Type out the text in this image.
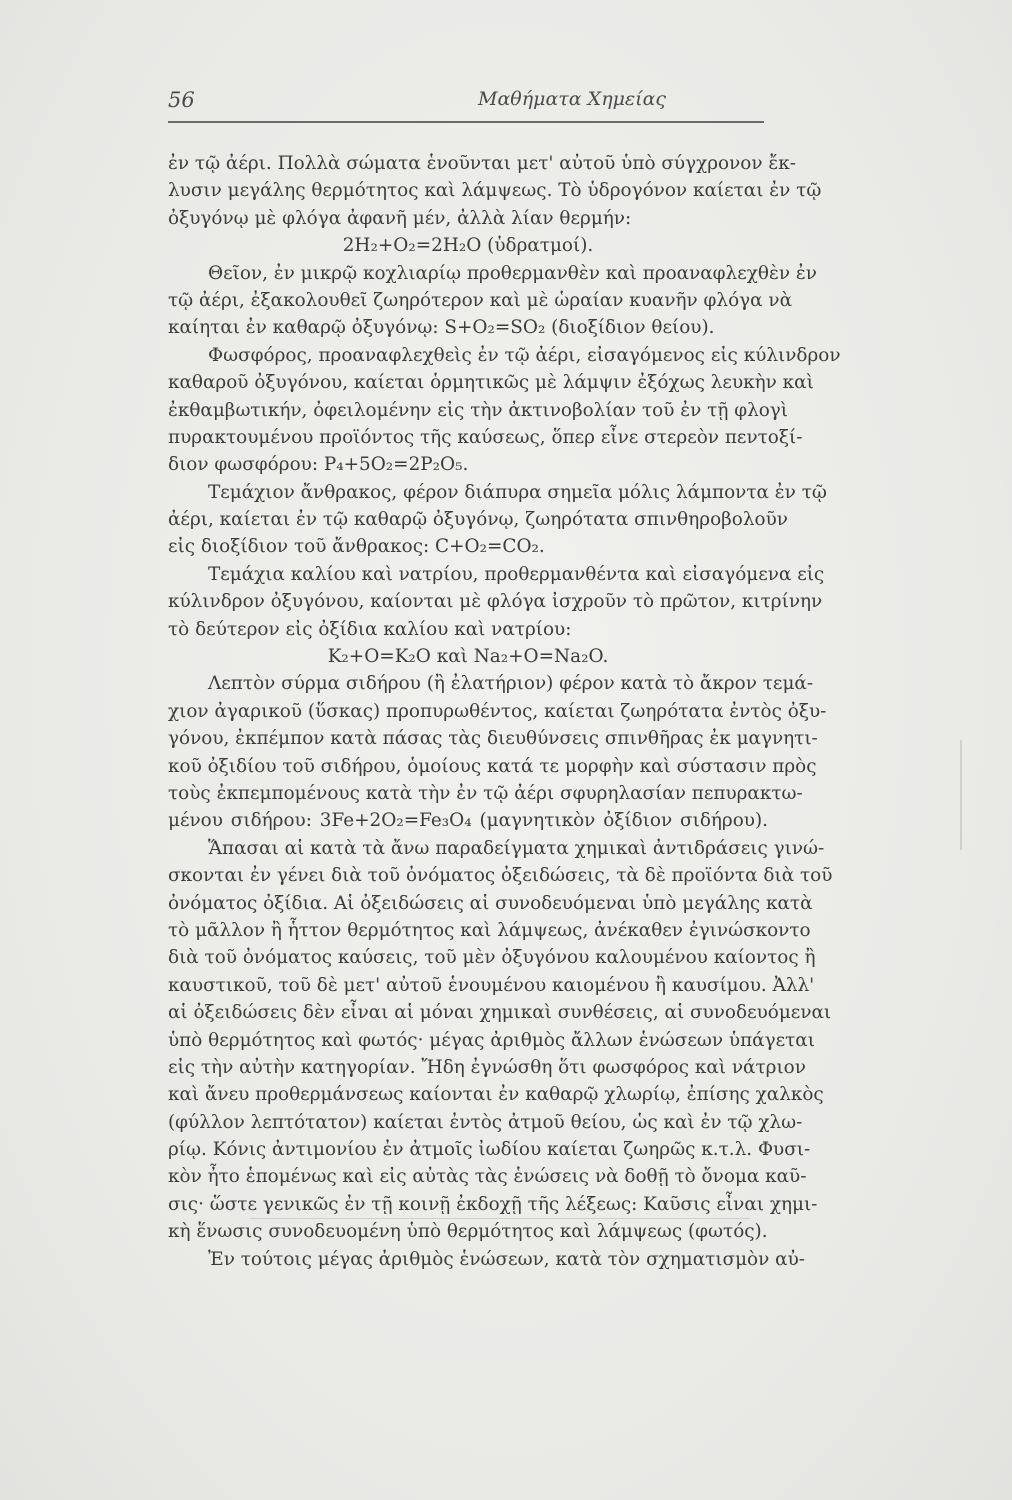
56	Μαθήματα Χημείας
ἐν τῷ ἀέρι. Πολλὰ σώματα ἑνοῦνται μετ' αὐτοῦ ὑπὸ σύγχρονον ἔκ-
λυσιν μεγάλης θερμότητος καὶ λάμψεως. Τὸ ὑδρογόνον καίεται ἐν τῷ
ὀξυγόνῳ μὲ φλόγα ἀφανῆ μέν, ἀλλὰ λίαν θερμήν:
2H₂+O₂=2H₂O (ὑδρατμοί).
Θεῖον, ἐν μικρῷ κοχλιαρίῳ προθερμανθὲν καὶ προαναφλεχθὲν ἐν
τῷ ἀέρι, ἐξακολουθεῖ ζωηρότερον καὶ μὲ ὡραίαν κυανῆν φλόγα νὰ
καίηται ἐν καθαρῷ ὀξυγόνῳ: S+O₂=SO₂ (διοξίδιον θείου).
Φωσφόρος, προαναφλεχθεὶς ἐν τῷ ἀέρι, εἰσαγόμενος εἰς κύλινδρον
καθαροῦ ὀξυγόνου, καίεται ὁρμητικῶς μὲ λάμψιν ἐξόχως λευκὴν καὶ
ἐκθαμβωτικήν, ὀφειλομένην εἰς τὴν ἀκτινοβολίαν τοῦ ἐν τῇ φλογὶ
πυρακτουμένου προϊόντος τῆς καύσεως, ὅπερ εἶνε στερεὸν πεντοξί-
διον φωσφόρου: P₄+5O₂=2P₂O₅.
Τεμάχιον ἄνθρακος, φέρον διάπυρα σημεῖα μόλις λάμποντα ἐν τῷ
ἀέρι, καίεται ἐν τῷ καθαρῷ ὀξυγόνῳ, ζωηρότατα σπινθηροβολοῦν
εἰς διοξίδιον τοῦ ἄνθρακος: C+O₂=CO₂.
Τεμάχια καλίου καὶ νατρίου, προθερμανθέντα καὶ εἰσαγόμενα εἰς
κύλινδρον ὀξυγόνου, καίονται μὲ φλόγα ἰσχροῦν τὸ πρῶτον, κιτρίνην
τὸ δεύτερον εἰς ὀξίδια καλίου καὶ νατρίου:
K₂+O=K₂O καὶ Na₂+O=Na₂O.
Λεπτὸν σύρμα σιδήρου (ἢ ἐλατήριον) φέρον κατὰ τὸ ἄκρον τεμά-
χιον ἀγαρικοῦ (ὕσκας) προπυρωθέντος, καίεται ζωηρότατα ἐντὸς ὀξυ-
γόνου, ἐκπέμπον κατὰ πάσας τὰς διευθύνσεις σπινθῆρας ἐκ μαγνητι-
κοῦ ὀξιδίου τοῦ σιδήρου, ὁμοίους κατά τε μορφὴν καὶ σύστασιν πρὸς
τοὺς ἐκπεμπομένους κατὰ τὴν ἐν τῷ ἀέρι σφυρηλασίαν πεπυρακτω-
μένου σιδήρου: 3Fe+2O₂=Fe₃O₄ (μαγνητικὸν ὀξίδιον σιδήρου).
Ἅπασαι αἱ κατὰ τὰ ἄνω παραδείγματα χημικαὶ ἀντιδράσεις γινώ-
σκονται ἐν γένει διὰ τοῦ ὀνόματος ὀξειδώσεις, τὰ δὲ προϊόντα διὰ τοῦ
ὀνόματος ὀξίδια. Αἱ ὀξειδώσεις αἱ συνοδευόμεναι ὑπὸ μεγάλης κατὰ
τὸ μᾶλλον ἢ ἧττον θερμότητος καὶ λάμψεως, ἀνέκαθεν ἐγινώσκοντο
διὰ τοῦ ὀνόματος καύσεις, τοῦ μὲν ὀξυγόνου καλουμένου καίοντος ἢ
καυστικοῦ, τοῦ δὲ μετ' αὐτοῦ ἑνουμένου καιομένου ἢ καυσίμου. Ἀλλ'
αἱ ὀξειδώσεις δὲν εἶναι αἱ μόναι χημικαὶ συνθέσεις, αἱ συνοδευόμεναι
ὑπὸ θερμότητος καὶ φωτός· μέγας ἀριθμὸς ἄλλων ἑνώσεων ὑπάγεται
εἰς τὴν αὐτὴν κατηγορίαν. Ἤδη ἐγνώσθη ὅτι φωσφόρος καὶ νάτριον
καὶ ἄνευ προθερμάνσεως καίονται ἐν καθαρῷ χλωρίῳ, ἐπίσης χαλκὸς
(φύλλον λεπτότατον) καίεται ἐντὸς ἀτμοῦ θείου, ὡς καὶ ἐν τῷ χλω-
ρίῳ. Κόνις ἀντιμονίου ἐν ἀτμοῖς ἰωδίου καίεται ζωηρῶς κ.τ.λ. Φυσι-
κὸν ἦτο ἑπομένως καὶ εἰς αὐτὰς τὰς ἑνώσεις νὰ δοθῇ τὸ ὄνομα καῦ-
σις· ὥστε γενικῶς ἐν τῇ κοινῇ ἐκδοχῇ τῆς λέξεως: Καῦσις εἶναι χημι-
κὴ ἕνωσις συνοδευομένη ὑπὸ θερμότητος καὶ λάμψεως (φωτός).
Ἐν τούτοις μέγας ἀριθμὸς ἑνώσεων, κατὰ τὸν σχηματισμὸν αὐ-
